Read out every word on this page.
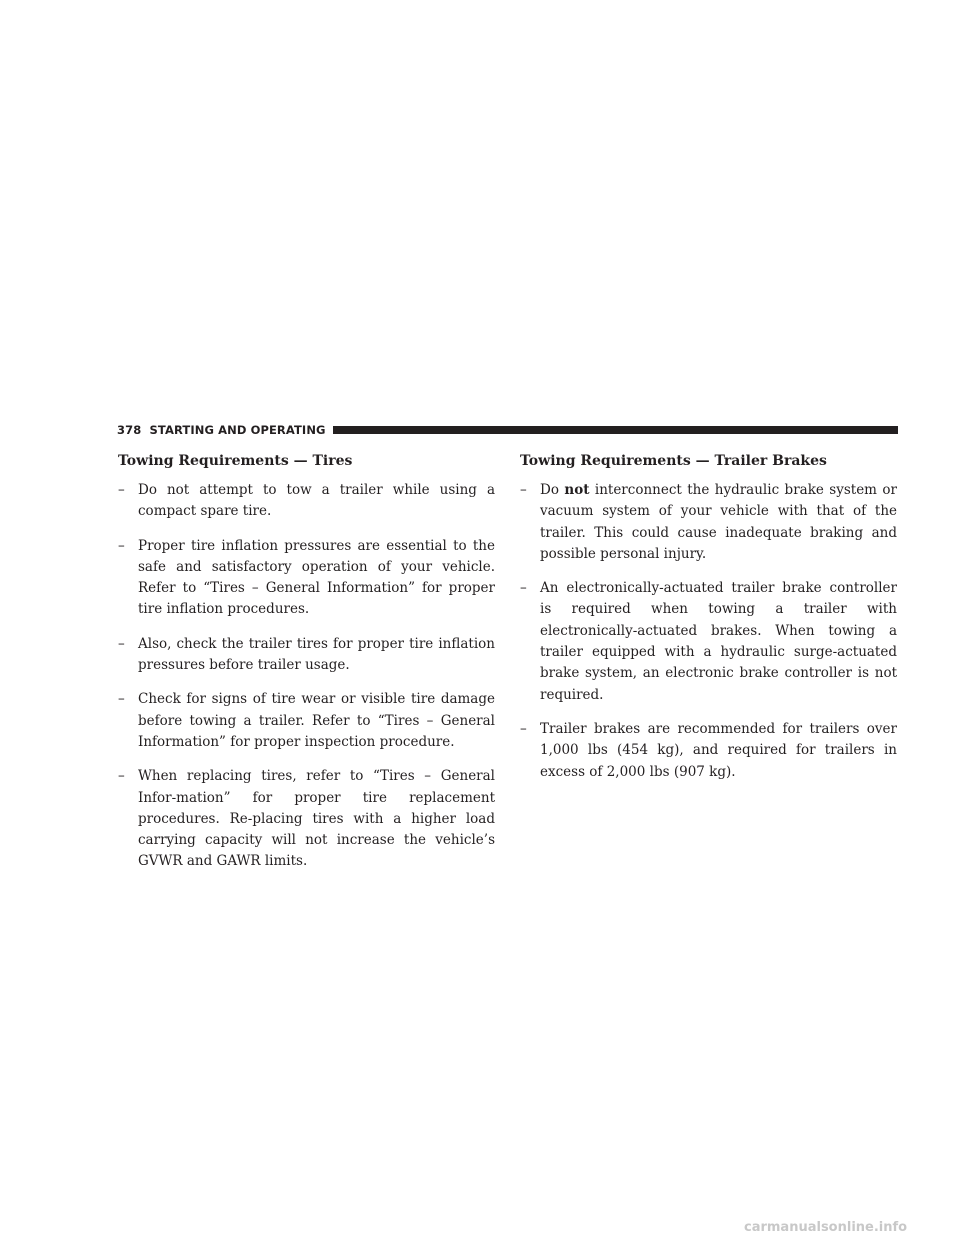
378 STARTING AND OPERATING
Towing Requirements — Tires
– Do not attempt to tow a trailer while using a compact spare tire.
– Proper tire inflation pressures are essential to the safe and satisfactory operation of your vehicle. Refer to “Tires – General Information” for proper tire inflation procedures.
– Also, check the trailer tires for proper tire inflation pressures before trailer usage.
– Check for signs of tire wear or visible tire damage before towing a trailer. Refer to “Tires – General Information” for proper inspection procedure.
– When replacing tires, refer to “Tires – General Infor-mation” for proper tire replacement procedures. Re-placing tires with a higher load carrying capacity will not increase the vehicle’s GVWR and GAWR limits.
Towing Requirements — Trailer Brakes
– Do not interconnect the hydraulic brake system or vacuum system of your vehicle with that of the trailer. This could cause inadequate braking and possible personal injury.
– An electronically-actuated trailer brake controller is required when towing a trailer with electronically-actuated brakes. When towing a trailer equipped with a hydraulic surge-actuated brake system, an electronic brake controller is not required.
– Trailer brakes are recommended for trailers over 1,000 lbs (454 kg), and required for trailers in excess of 2,000 lbs (907 kg).
carmanualsonline.info
